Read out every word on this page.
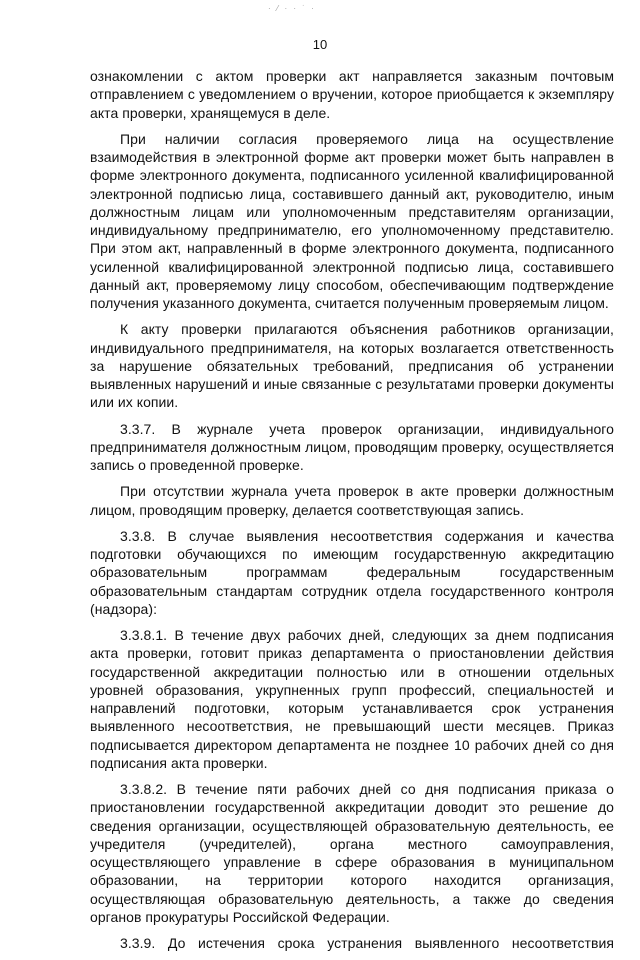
· ⁄ · · ˙ ·
10

ознакомлении с актом проверки акт направляется заказным почтовым отправлением с уведомлением о вручении, которое приобщается к экземпляру акта проверки, хранящемуся в деле.

При наличии согласия проверяемого лица на осуществление взаимодействия в электронной форме акт проверки может быть направлен в форме электронного документа, подписанного усиленной квалифицированной электронной подписью лица, составившего данный акт, руководителю, иным должностным лицам или уполномоченным представителям организации, индивидуальному предпринимателю, его уполномоченному представителю. При этом акт, направленный в форме электронного документа, подписанного усиленной квалифицированной электронной подписью лица, составившего данный акт, проверяемому лицу способом, обеспечивающим подтверждение получения указанного документа, считается полученным проверяемым лицом.

К акту проверки прилагаются объяснения работников организации, индивидуального предпринимателя, на которых возлагается ответственность за нарушение обязательных требований, предписания об устранении выявленных нарушений и иные связанные с результатами проверки документы или их копии.

3.3.7. В журнале учета проверок организации, индивидуального предпринимателя должностным лицом, проводящим проверку, осуществляется запись о проведенной проверке.

При отсутствии журнала учета проверок в акте проверки должностным лицом, проводящим проверку, делается соответствующая запись.

3.3.8. В случае выявления несоответствия содержания и качества подготовки обучающихся по имеющим государственную аккредитацию образовательным программам федеральным государственным образовательным стандартам сотрудник отдела государственного контроля (надзора):

3.3.8.1. В течение двух рабочих дней, следующих за днем подписания акта проверки, готовит приказ департамента о приостановлении действия государственной аккредитации полностью или в отношении отдельных уровней образования, укрупненных групп профессий, специальностей и направлений подготовки, которым устанавливается срок устранения выявленного несоответствия, не превышающий шести месяцев. Приказ подписывается директором департамента не позднее 10 рабочих дней со дня подписания акта проверки.

3.3.8.2. В течение пяти рабочих дней со дня подписания приказа о приостановлении государственной аккредитации доводит это решение до сведения организации, осуществляющей образовательную деятельность, ее учредителя (учредителей), органа местного самоуправления, осуществляющего управление в сфере образования в муниципальном образовании, на территории которого находится организация, осуществляющая образовательную деятельность, а также до сведения органов прокуратуры Российской Федерации.

3.3.9. До истечения срока устранения выявленного несоответствия
